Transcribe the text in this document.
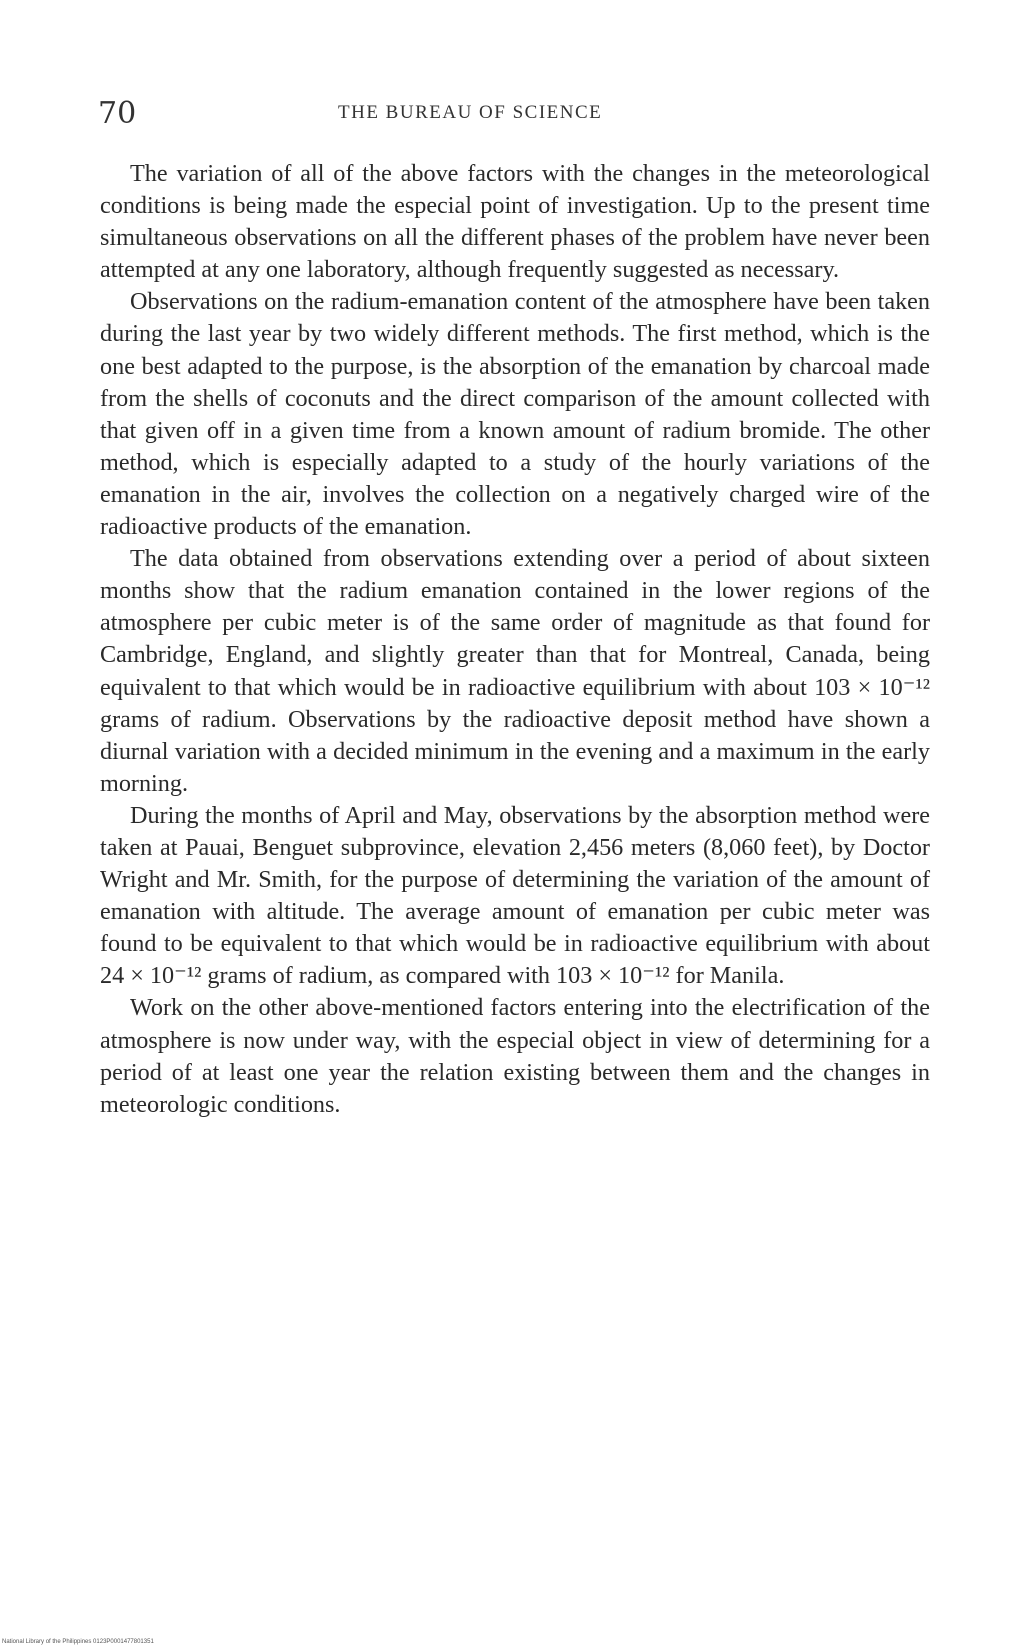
70	THE BUREAU OF SCIENCE

The variation of all of the above factors with the changes in the meteorological conditions is being made the especial point of investigation. Up to the present time simultaneous observations on all the different phases of the problem have never been attempted at any one laboratory, although frequently suggested as necessary.

Observations on the radium-emanation content of the atmosphere have been taken during the last year by two widely different methods. The first method, which is the one best adapted to the purpose, is the absorption of the emanation by charcoal made from the shells of coconuts and the direct comparison of the amount collected with that given off in a given time from a known amount of radium bromide. The other method, which is especially adapted to a study of the hourly variations of the emanation in the air, involves the collection on a negatively charged wire of the radioactive products of the emanation.

The data obtained from observations extending over a period of about sixteen months show that the radium emanation contained in the lower regions of the atmosphere per cubic meter is of the same order of magnitude as that found for Cambridge, England, and slightly greater than that for Montreal, Canada, being equivalent to that which would be in radioactive equilibrium with about 103 × 10⁻¹² grams of radium. Observations by the radioactive deposit method have shown a diurnal variation with a decided minimum in the evening and a maximum in the early morning.

During the months of April and May, observations by the absorption method were taken at Pauai, Benguet subprovince, elevation 2,456 meters (8,060 feet), by Doctor Wright and Mr. Smith, for the purpose of determining the variation of the amount of emanation with altitude. The average amount of emanation per cubic meter was found to be equivalent to that which would be in radioactive equilibrium with about 24 × 10⁻¹² grams of radium, as compared with 103 × 10⁻¹² for Manila.

Work on the other above-mentioned factors entering into the electrification of the atmosphere is now under way, with the especial object in view of determining for a period of at least one year the relation existing between them and the changes in meteorologic conditions.

National Library of the Philippines 0123P0001477801351
